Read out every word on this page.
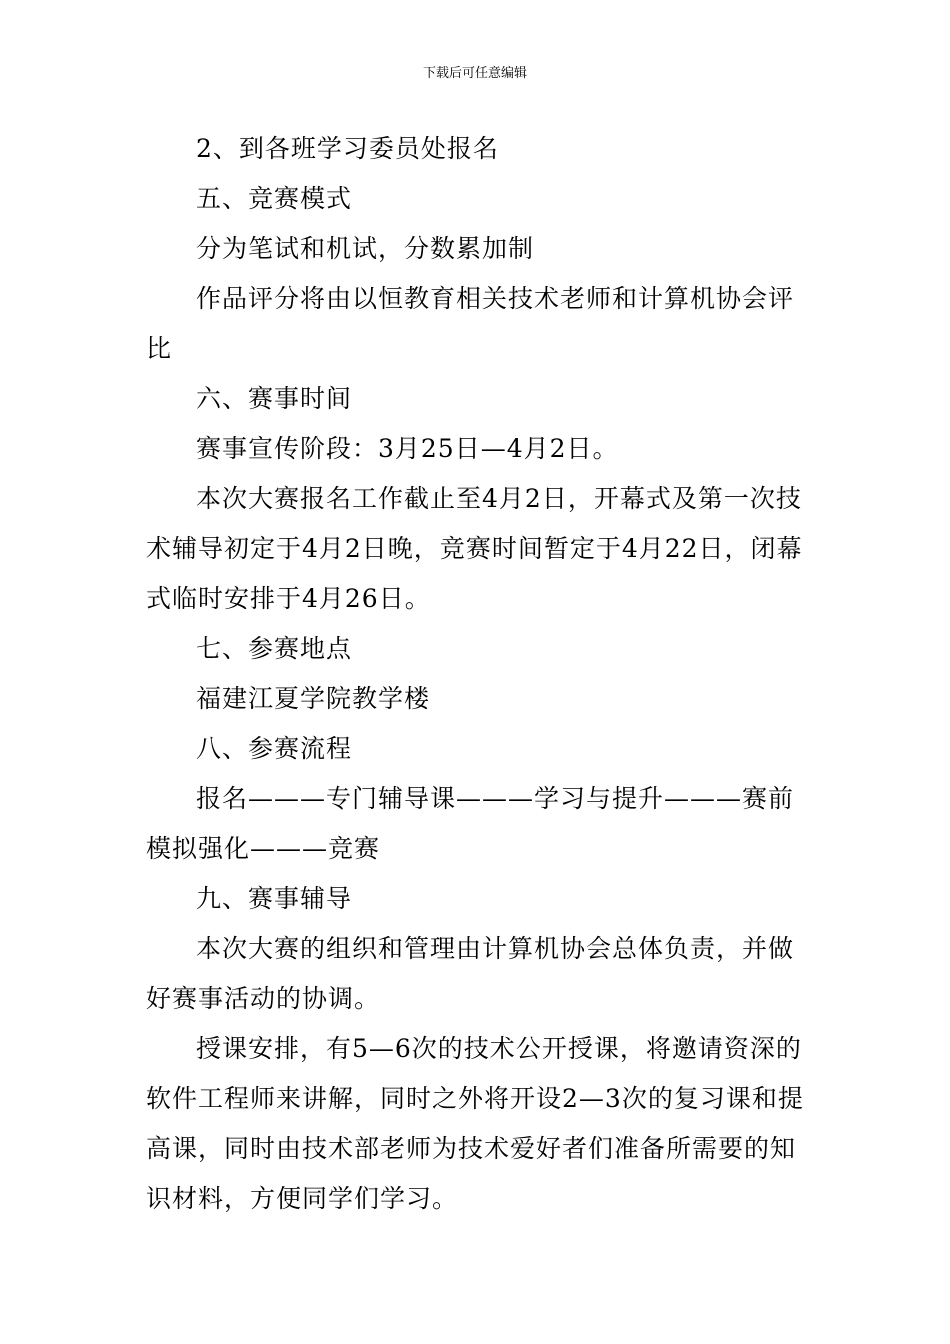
下载后可任意编辑

2、到各班学习委员处报名

五、竞赛模式

分为笔试和机试，分数累加制

作品评分将由以恒教育相关技术老师和计算机协会评比

六、赛事时间

赛事宣传阶段：3月25日—4月2日。

本次大赛报名工作截止至4月2日，开幕式及第一次技术辅导初定于4月2日晚，竞赛时间暂定于4月22日，闭幕式临时安排于4月26日。

七、参赛地点

福建江夏学院教学楼

八、参赛流程

报名———专门辅导课———学习与提升———赛前模拟强化———竞赛

九、赛事辅导

本次大赛的组织和管理由计算机协会总体负责，并做好赛事活动的协调。

授课安排，有5—6次的技术公开授课，将邀请资深的软件工程师来讲解，同时之外将开设2—3次的复习课和提高课，同时由技术部老师为技术爱好者们准备所需要的知识材料，方便同学们学习。
